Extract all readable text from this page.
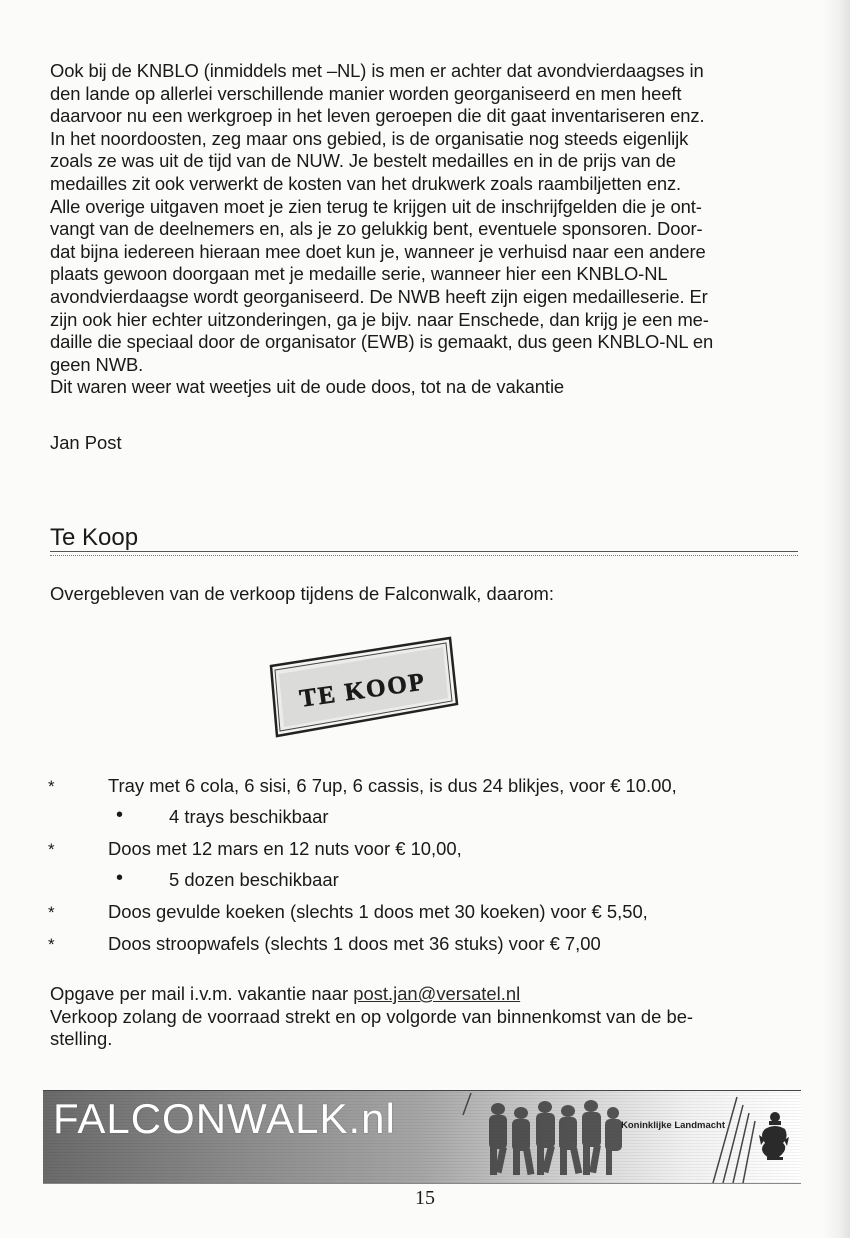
Ook bij de KNBLO (inmiddels met –NL) is men er achter dat avondvierdaagses in

den lande op allerlei verschillende manier worden georganiseerd en men heeft

daarvoor nu een werkgroep in het leven geroepen die dit gaat inventariseren enz.

In het noordoosten, zeg maar ons gebied, is de organisatie nog steeds eigenlijk

zoals ze was uit de tijd van de NUW. Je bestelt medailles en in de prijs van de

medailles zit ook verwerkt de kosten van het drukwerk zoals raambiljetten enz.

Alle overige uitgaven moet je zien terug te krijgen uit de inschrijfgelden die je ont-

vangt van de deelnemers en, als je zo gelukkig bent, eventuele sponsoren. Door-

dat bijna iedereen hieraan mee doet kun je, wanneer je verhuisd naar een andere

plaats gewoon doorgaan met je medaille serie, wanneer hier een KNBLO-NL

avondvierdaagse wordt georganiseerd. De NWB heeft zijn eigen medailleserie. Er

zijn ook hier echter uitzonderingen, ga je bijv. naar Enschede, dan krijg je een me-

daille die speciaal door de organisator (EWB) is gemaakt, dus geen KNBLO-NL en

geen NWB.

Dit waren weer wat weetjes uit de oude doos, tot na de vakantie

Jan Post
Te Koop
Overgebleven van de verkoop tijdens de Falconwalk, daarom:
TE KOOP
*	Tray met 6 cola, 6 sisi, 6 7up, 6 cassis, is dus 24 blikjes, voor € 10.00,
• 4 trays beschikbaar
*	Doos met 12 mars en 12 nuts voor € 10,00,
• 5 dozen beschikbaar
*	Doos gevulde koeken (slechts 1 doos met 30 koeken) voor € 5,50,
*	Doos stroopwafels (slechts 1 doos met 36 stuks) voor € 7,00

Opgave per mail i.v.m. vakantie naar post.jan@versatel.nl

Verkoop zolang de voorraad strekt en op volgorde van binnenkomst van de be-

stelling.

FALCONWALK.nl	Koninklijke Landmacht
15
